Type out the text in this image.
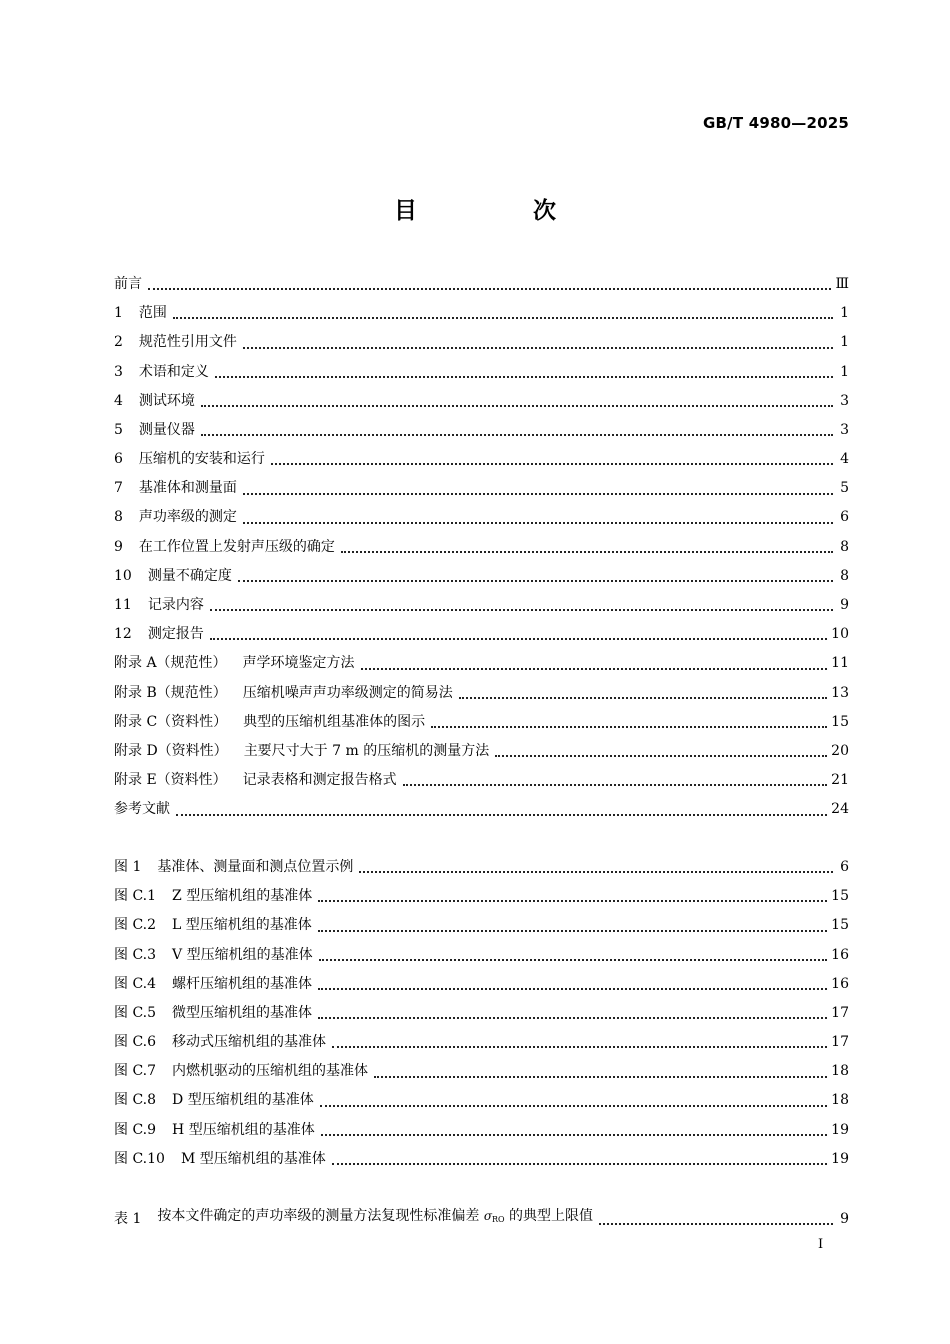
GB/T 4980—2025
目 次
前言	Ⅲ
1 范围	1
2 规范性引用文件	1
3 术语和定义	1
4 测试环境	3
5 测量仪器	3
6 压缩机的安装和运行	4
7 基准体和测量面	5
8 声功率级的测定	6
9 在工作位置上发射声压级的确定	8
10 测量不确定度	8
11 记录内容	9
12 测定报告	10
附录 A（规范性） 声学环境鉴定方法	11
附录 B（规范性） 压缩机噪声声功率级测定的简易法	13
附录 C（资料性） 典型的压缩机组基准体的图示	15
附录 D（资料性） 主要尺寸大于 7 m 的压缩机的测量方法	20
附录 E（资料性） 记录表格和测定报告格式	21
参考文献	24
图 1 基准体、测量面和测点位置示例	6
图 C.1 Z 型压缩机组的基准体	15
图 C.2 L 型压缩机组的基准体	15
图 C.3 V 型压缩机组的基准体	16
图 C.4 螺杆压缩机组的基准体	16
图 C.5 微型压缩机组的基准体	17
图 C.6 移动式压缩机组的基准体	17
图 C.7 内燃机驱动的压缩机组的基准体	18
图 C.8 D 型压缩机组的基准体	18
图 C.9 H 型压缩机组的基准体	19
图 C.10 M 型压缩机组的基准体	19
表 1 按本文件确定的声功率级的测量方法复现性标准偏差 $\sigma_{RO}$ 的典型上限值	9
I
